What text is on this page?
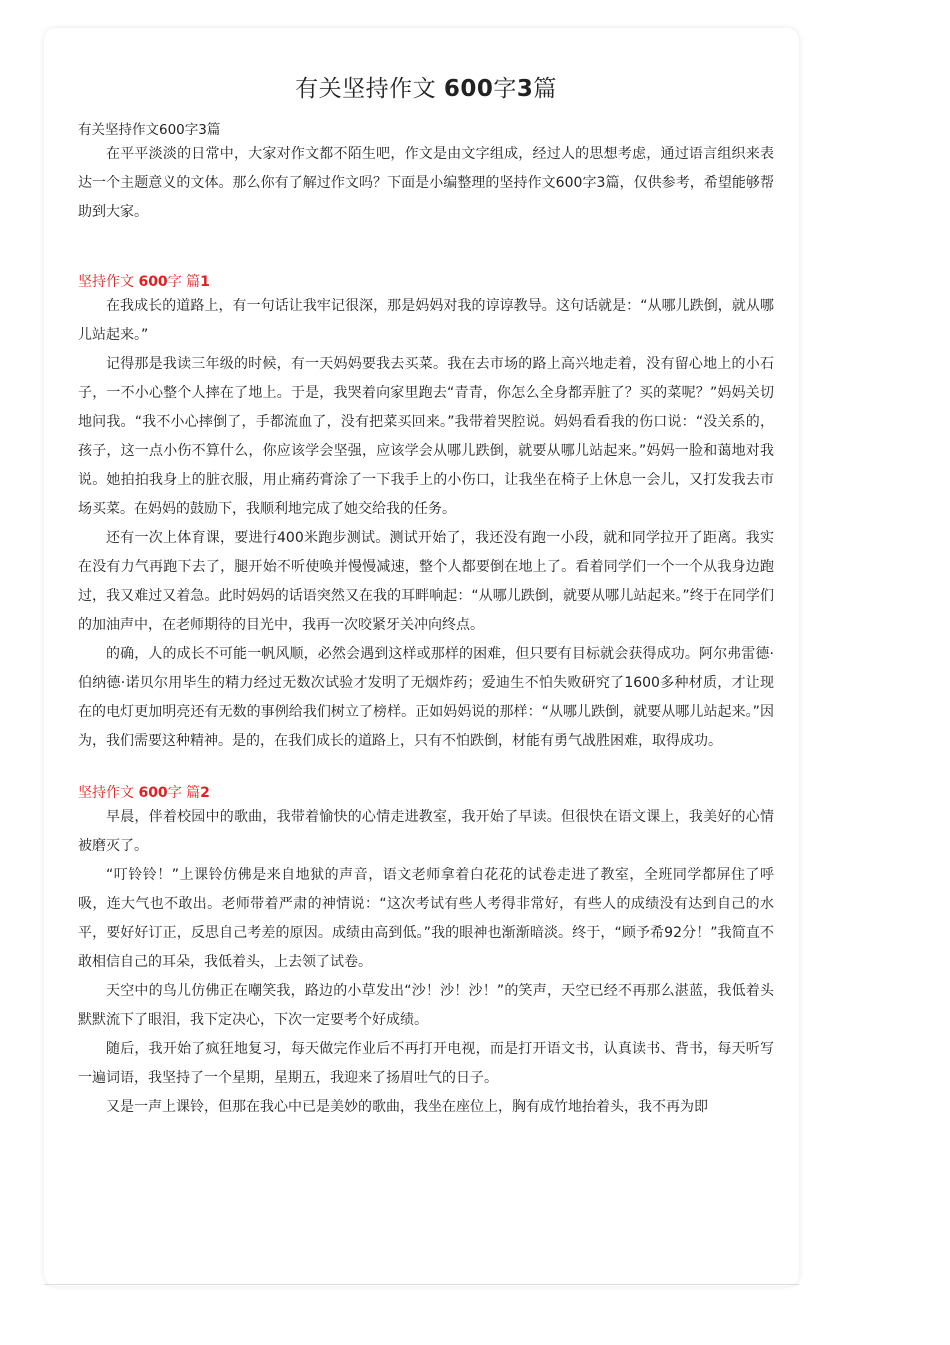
有关坚持作文 600字3篇
有关坚持作文600字3篇

在平平淡淡的日常中，大家对作文都不陌生吧，作文是由文字组成，经过人的思想考虑，通过语言组织来表达一个主题意义的文体。那么你有了解过作文吗？下面是小编整理的坚持作文600字3篇，仅供参考，希望能够帮助到大家。

坚持作文 600字 篇1

在我成长的道路上，有一句话让我牢记很深，那是妈妈对我的谆谆教导。这句话就是：“从哪儿跌倒，就从哪儿站起来。”

记得那是我读三年级的时候，有一天妈妈要我去买菜。我在去市场的路上高兴地走着，没有留心地上的小石子，一不小心整个人摔在了地上。于是，我哭着向家里跑去“青青，你怎么全身都弄脏了？买的菜呢？”妈妈关切地问我。“我不小心摔倒了，手都流血了，没有把菜买回来。”我带着哭腔说。妈妈看看我的伤口说：“没关系的，孩子，这一点小伤不算什么，你应该学会坚强，应该学会从哪儿跌倒，就要从哪儿站起来。”妈妈一脸和蔼地对我说。她拍拍我身上的脏衣服，用止痛药膏涂了一下我手上的小伤口，让我坐在椅子上休息一会儿，又打发我去市场买菜。在妈妈的鼓励下，我顺利地完成了她交给我的任务。

还有一次上体育课，要进行400米跑步测试。测试开始了，我还没有跑一小段，就和同学拉开了距离。我实在没有力气再跑下去了，腿开始不听使唤并慢慢减速，整个人都要倒在地上了。看着同学们一个一个从我身边跑过，我又难过又着急。此时妈妈的话语突然又在我的耳畔响起：“从哪儿跌倒，就要从哪儿站起来。”终于在同学们的加油声中，在老师期待的目光中，我再一次咬紧牙关冲向终点。

的确，人的成长不可能一帆风顺，必然会遇到这样或那样的困难，但只要有目标就会获得成功。阿尔弗雷德·伯纳德·诺贝尔用毕生的精力经过无数次试验才发明了无烟炸药；爱迪生不怕失败研究了1600多种材质，才让现在的电灯更加明亮还有无数的事例给我们树立了榜样。正如妈妈说的那样：“从哪儿跌倒，就要从哪儿站起来。”因为，我们需要这种精神。是的，在我们成长的道路上，只有不怕跌倒，材能有勇气战胜困难，取得成功。

坚持作文 600字 篇2

早晨，伴着校园中的歌曲，我带着愉快的心情走进教室，我开始了早读。但很快在语文课上，我美好的心情被磨灭了。

“叮铃铃！”上课铃仿佛是来自地狱的声音，语文老师拿着白花花的试卷走进了教室，全班同学都屏住了呼吸，连大气也不敢出。老师带着严肃的神情说：“这次考试有些人考得非常好，有些人的成绩没有达到自己的水平，要好好订正，反思自己考差的原因。成绩由高到低。”我的眼神也渐渐暗淡。终于，“顾予希92分！”我简直不敢相信自己的耳朵，我低着头，上去领了试卷。

天空中的鸟儿仿佛正在嘲笑我，路边的小草发出“沙！沙！沙！”的笑声，天空已经不再那么湛蓝，我低着头默默流下了眼泪，我下定决心，下次一定要考个好成绩。

随后，我开始了疯狂地复习，每天做完作业后不再打开电视，而是打开语文书，认真读书、背书，每天听写一遍词语，我坚持了一个星期，星期五，我迎来了扬眉吐气的日子。

又是一声上课铃，但那在我心中已是美妙的歌曲，我坐在座位上，胸有成竹地抬着头，我不再为即
